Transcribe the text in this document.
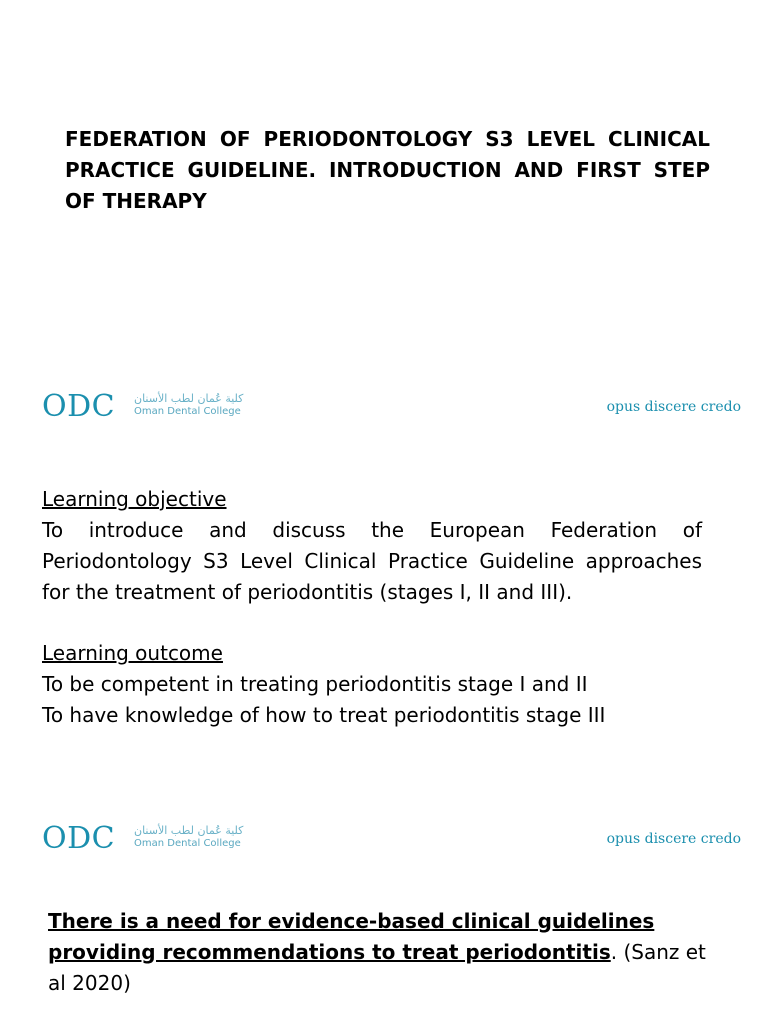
FEDERATION OF PERIODONTOLOGY S3 LEVEL CLINICAL PRACTICE GUIDELINE. INTRODUCTION AND FIRST STEP OF THERAPY
ODC كلية عُمان لطب الأسنان
Oman Dental College	opus discere credo
Learning objective
To introduce and discuss the European Federation of Periodontology S3 Level Clinical Practice Guideline approaches for the treatment of periodontitis (stages I, II and III).
Learning outcome
To be competent in treating periodontitis stage I and II
To have knowledge of how to treat periodontitis stage III
ODC كلية عُمان لطب الأسنان
Oman Dental College	opus discere credo

There is a need for evidence-based clinical guidelines providing recommendations to treat periodontitis. (Sanz et al 2020)
